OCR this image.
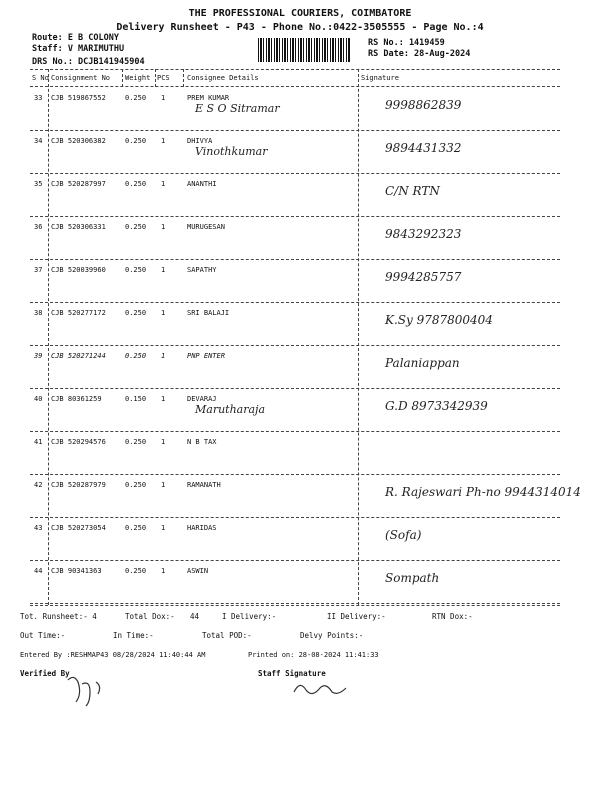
THE PROFESSIONAL COURIERS, COIMBATORE
Delivery Runsheet - P43 - Phone No.:0422-3505555 - Page No.:4
Route: E B COLONY
Staff: V MARIMUTHU
DRS No.: DCJB141945904
RS No.: 1419459
RS Date: 28-Aug-2024
S No Consignment No Weight PCS Consignee Details	Signature
33 CJB 519867552	0.250 1	PREM KUMAR
E S O Sitramar	9998862839
34 CJB 520306382	0.250 1	DHIVYA
Vinothkumar	9894431332
35 CJB 520287997	0.250 1	ANANTHI	C/N RTN
36 CJB 520306331	0.250 1	MURUGESAN	9843292323
37 CJB 520039960	0.250 1	SAPATHY	9994285757
38 CJB 520277172	0.250 1	SRI BALAJI	K.Sy 9787800404
39 CJB 520271244	0.250 1	PNP ENTER	Palaniappan
40 CJB 80361259	0.150 1	DEVARAJ
Marutharaja	G.D 8973342939
41 CJB 520294576	0.250 1	N B TAX
42 CJB 520287979	0.250 1	RAMANATH	R. Rajeswari Ph-no 9944314014
43 CJB 520273054	0.250 1	HARIDAS	(Sofa)
44 CJB 90341363	0.250 1	ASWIN	Sompath
Tot. Runsheet:- 4	Total Dox:- 44	I Delivery:-	II Delivery:-	RTN Dox:-
Out Time:-	In Time:-	Total POD:-	Delvy Points:-
Entered By :RESHMAP43 08/28/2024 11:40:44 AM	Printed on: 28-08-2024 11:41:33
Verified By	Staff Signature
